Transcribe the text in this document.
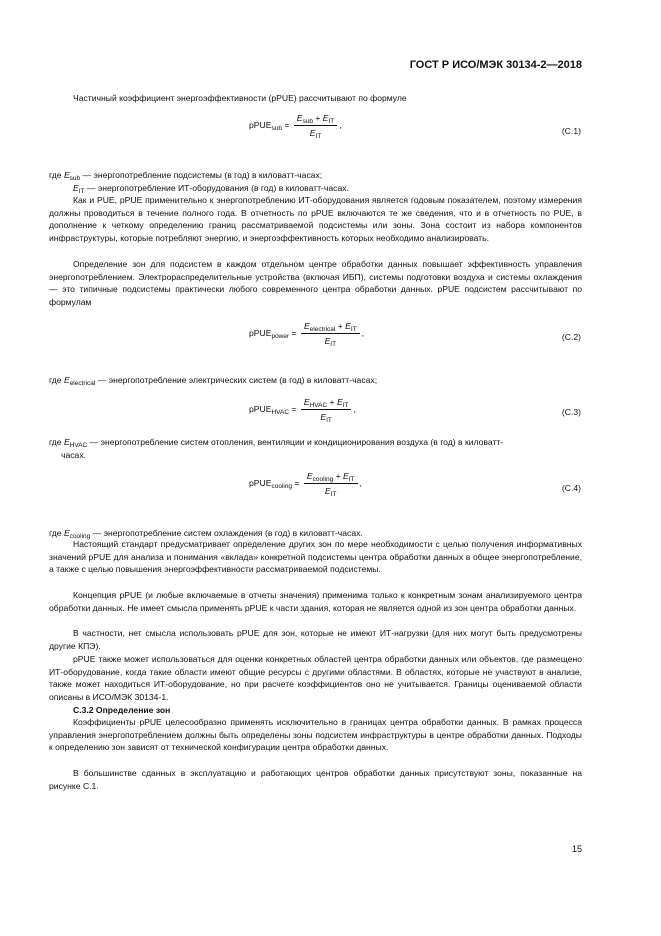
ГОСТ Р ИСО/МЭК 30134-2—2018

Частичный коэффициент энергоэффективности (pPUE) рассчитывают по формуле

pPUE$_{sub}$ = $\frac{E_{sub} + E_{IT}}{E_{IT}}$ ,
(С.1)

где $E_{sub}$ — энергопотребление подсистемы (в год) в киловатт-часах;

$E_{IT}$ — энергопотребление ИТ-оборудования (в год) в киловатт-часах.

Как и PUE, pPUE применительно к энергопотреблению ИТ-оборудования является годовым показателем, поэтому измерения должны проводиться в течение полного года. В отчетность по pPUE включаются те же сведения, что и в отчетность по PUE, в дополнение к четкому определению границ рассматриваемой подсистемы или зоны. Зона состоит из набора компонентов инфраструктуры, которые потребляют энергию, и энергоэффективность которых необходимо анализировать.

Определение зон для подсистем в каждом отдельном центре обработки данных повышает эффективность управления энергопотреблением. Электрораспределительные устройства (включая ИБП), системы подготовки воздуха и системы охлаждения — это типичные подсистемы практически любого современного центра обработки данных. pPUE подсистем рассчитывают по формулам

pPUE$_{power}$ = $\frac{E_{electrical} + E_{IT}}{E_{IT}}$ ,	(С.2)

где $E_{electrical}$ — энергопотребление электрических систем (в год) в киловатт-часах;

pPUE$_{HVAC}$ = $\frac{E_{HVAC} + E_{IT}}{E_{IT}}$ ,	(С.3)

где $E_{HVAC}$ — энергопотребление систем отопления, вентиляции и кондиционирования воздуха (в год) в киловатт-

часах.

pPUE$_{cooling}$ = $\frac{E_{cooling} + E_{IT}}{E_{IT}}$ ,	(С.4)

где $E_{cooling}$ — энергопотребление систем охлаждения (в год) в киловатт-часах.

Настоящий стандарт предусматривает определение других зон по мере необходимости с целью получения информативных значений pPUE для анализа и понимания «вклада» конкретной подсистемы центра обработки данных в общее энергопотребление, а также с целью повышения энергоэффективности рассматриваемой подсистемы.

Концепция pPUE (и любые включаемые в отчеты значения) применима только к конкретным зонам анализируемого центра обработки данных. Не имеет смысла применять pPUE к части здания, которая не является одной из зон центра обработки данных.

В частности, нет смысла использовать pPUE для зон, которые не имеют ИТ-нагрузки (для них могут быть предусмотрены другие КПЭ).

pPUE также может использоваться для оценки конкретных областей центра обработки данных или объектов, где размещено ИТ-оборудование, когда такие области имеют общие ресурсы с другими областями. В областях, которые не участвуют в анализе, также может находиться ИТ-оборудование, но при расчете коэффициентов оно не учитывается. Границы оцениваемой области описаны в ИСО/МЭК 30134-1.

С.3.2 Определение зон

Коэффициенты pPUE целесообразно применять исключительно в границах центра обработки данных. В рамках процесса управления энергопотреблением должны быть определены зоны подсистем инфраструктуры в центре обработки данных. Подходы к определению зон зависят от технической конфигурации центра обработки данных.

В большинстве сданных в эксплуатацию и работающих центров обработки данных присутствуют зоны, показанные на рисунке С.1.

15
